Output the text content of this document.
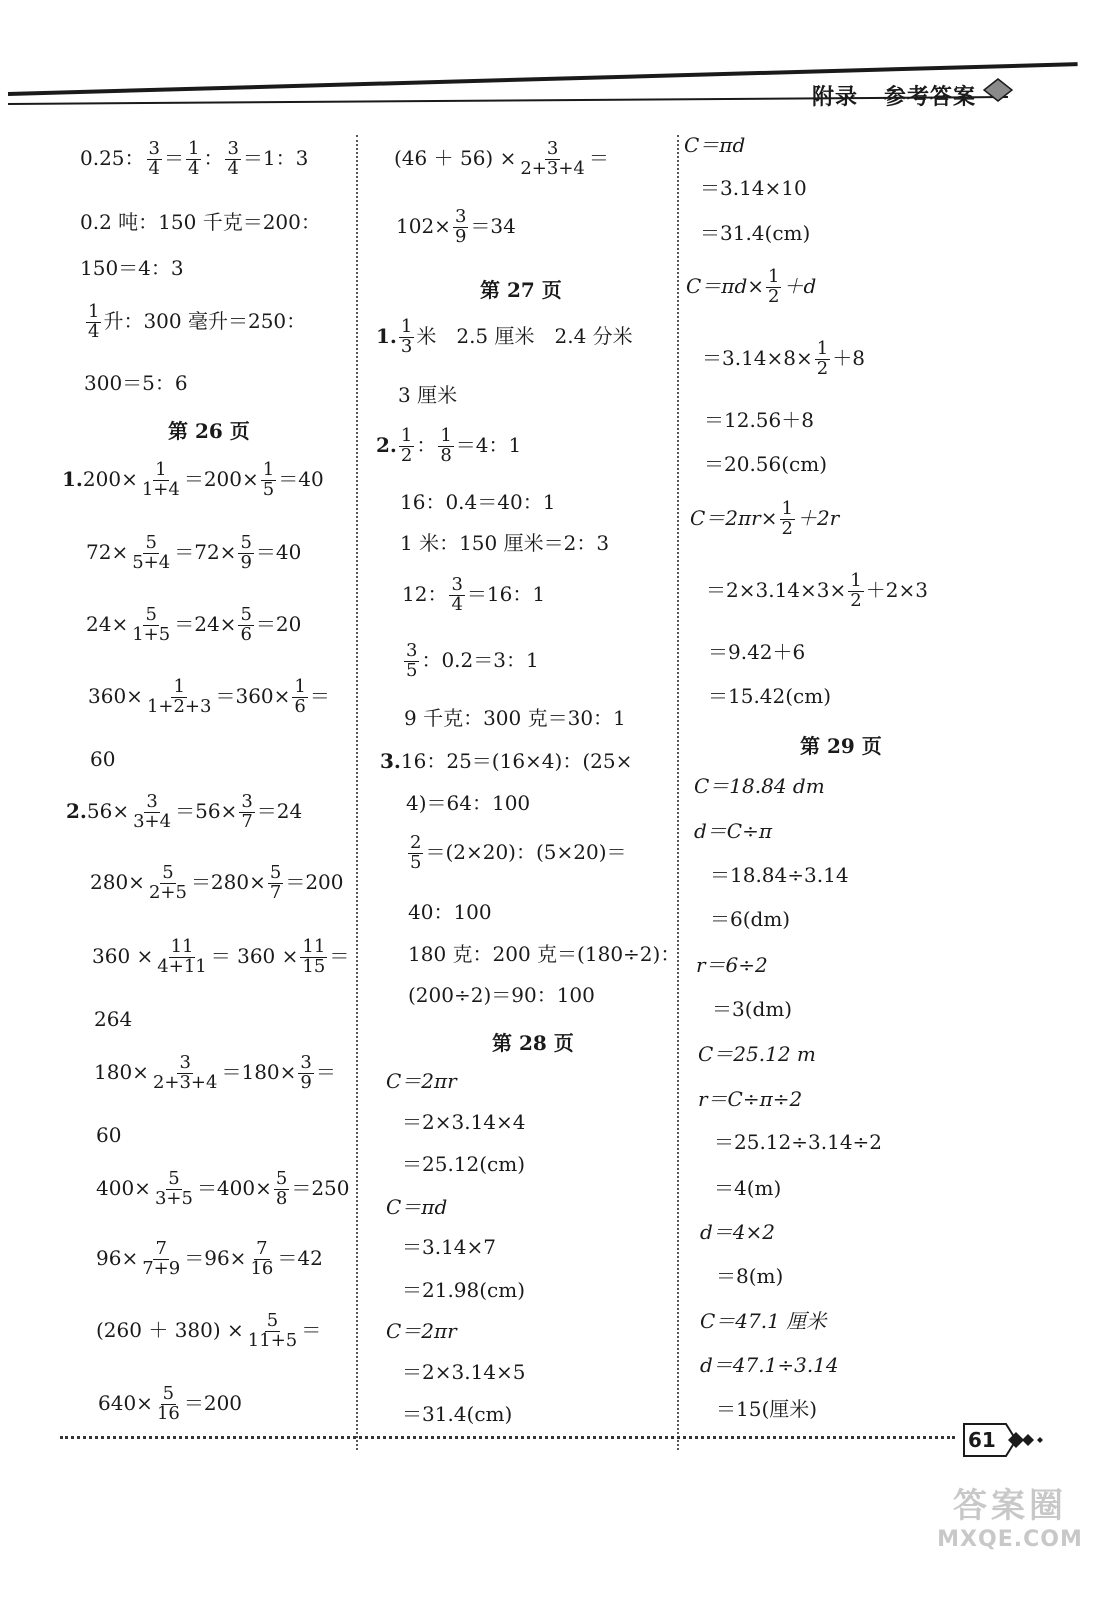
附录 参考答案
0.25： $\frac{3}{4} = \frac{1}{4}$ ： $\frac{3}{4} =1$：3
0.2 吨：150 千克＝200：
150＝4：3
$\frac{1}{4}$ 升：300 毫升＝250：
300＝5：6
第 26 页
$1.200\times \frac{1}{1+4} =200\times \frac{1}{5} =40$
$72\times \frac{5}{5+4} =72\times \frac{5}{9} =40$
$24\times \frac{5}{1+5} =24\times \frac{5}{6} =20$
$360\times \frac{1}{1+2+3} =360\times \frac{1}{6}$ ＝
60
$2.56\times \frac{3}{3+4} =56\times \frac{3}{7} =24$
$280\times \frac{5}{2+5} =280\times \frac{5}{7} =200$
$360 \times \frac{11}{4+11} = 360 \times \frac{11}{15}$ ＝
264
$180\times \frac{3}{2+3+4} =180\times \frac{3}{9}$ ＝
60
$400\times \frac{5}{3+5} =400\times \frac{5}{8} =250$
$96\times \frac{7}{7+9} =96\times \frac{7}{16} =42$
$(260 + 380) \times \frac{5}{11+5}$ ＝
$640\times \frac{5}{16} =200$
$(46 + 56) \times \frac{3}{2+3+4}$ ＝
$102\times \frac{3}{9} =34$
第 27 页
1. $\frac{1}{3}$ 米　2.5 厘米　2.4 分米
3 厘米
2. $\frac{1}{2}$ ： $\frac{1}{8} =4$：1
16：0.4＝40：1
1 米：150 厘米＝2：3
12： $\frac{3}{4} =16$：1
$\frac{3}{5}$ ：0.2＝3：1
9 千克：300 克＝30：1
3.16：25＝(16×4)：(25×
4)＝64：100
$\frac{2}{5} =(2\times 20)$：(5×20)＝
40：100
180 克：200 克＝(180÷2)：
(200÷2)＝90：100
第 28 页
C＝2πr
＝2×3.14×4
＝25.12(cm)
C＝πd
＝3.14×7
＝21.98(cm)
C＝2πr
＝2×3.14×5
＝31.4(cm)
C＝πd
＝3.14×10
＝31.4(cm)
$C=\pi d\times \frac{1}{2} +d$
$=3.14\times 8\times \frac{1}{2} +8$
＝12.56＋8
＝20.56(cm)
$C=2\pi r\times \frac{1}{2} +2r$
$=2\times 3.14\times 3\times \frac{1}{2} +2\times 3$
＝9.42＋6
＝15.42(cm)
第 29 页
C＝18.84 dm
d＝C÷π
＝18.84÷3.14
＝6(dm)
r＝6÷2
＝3(dm)
C＝25.12 m
r＝C÷π÷2
＝25.12÷3.14÷2
＝4(m)
d＝4×2
＝8(m)
C＝47.1 厘米
d＝47.1÷3.14
＝15(厘米)
61
答案圈
MXQE.COM
